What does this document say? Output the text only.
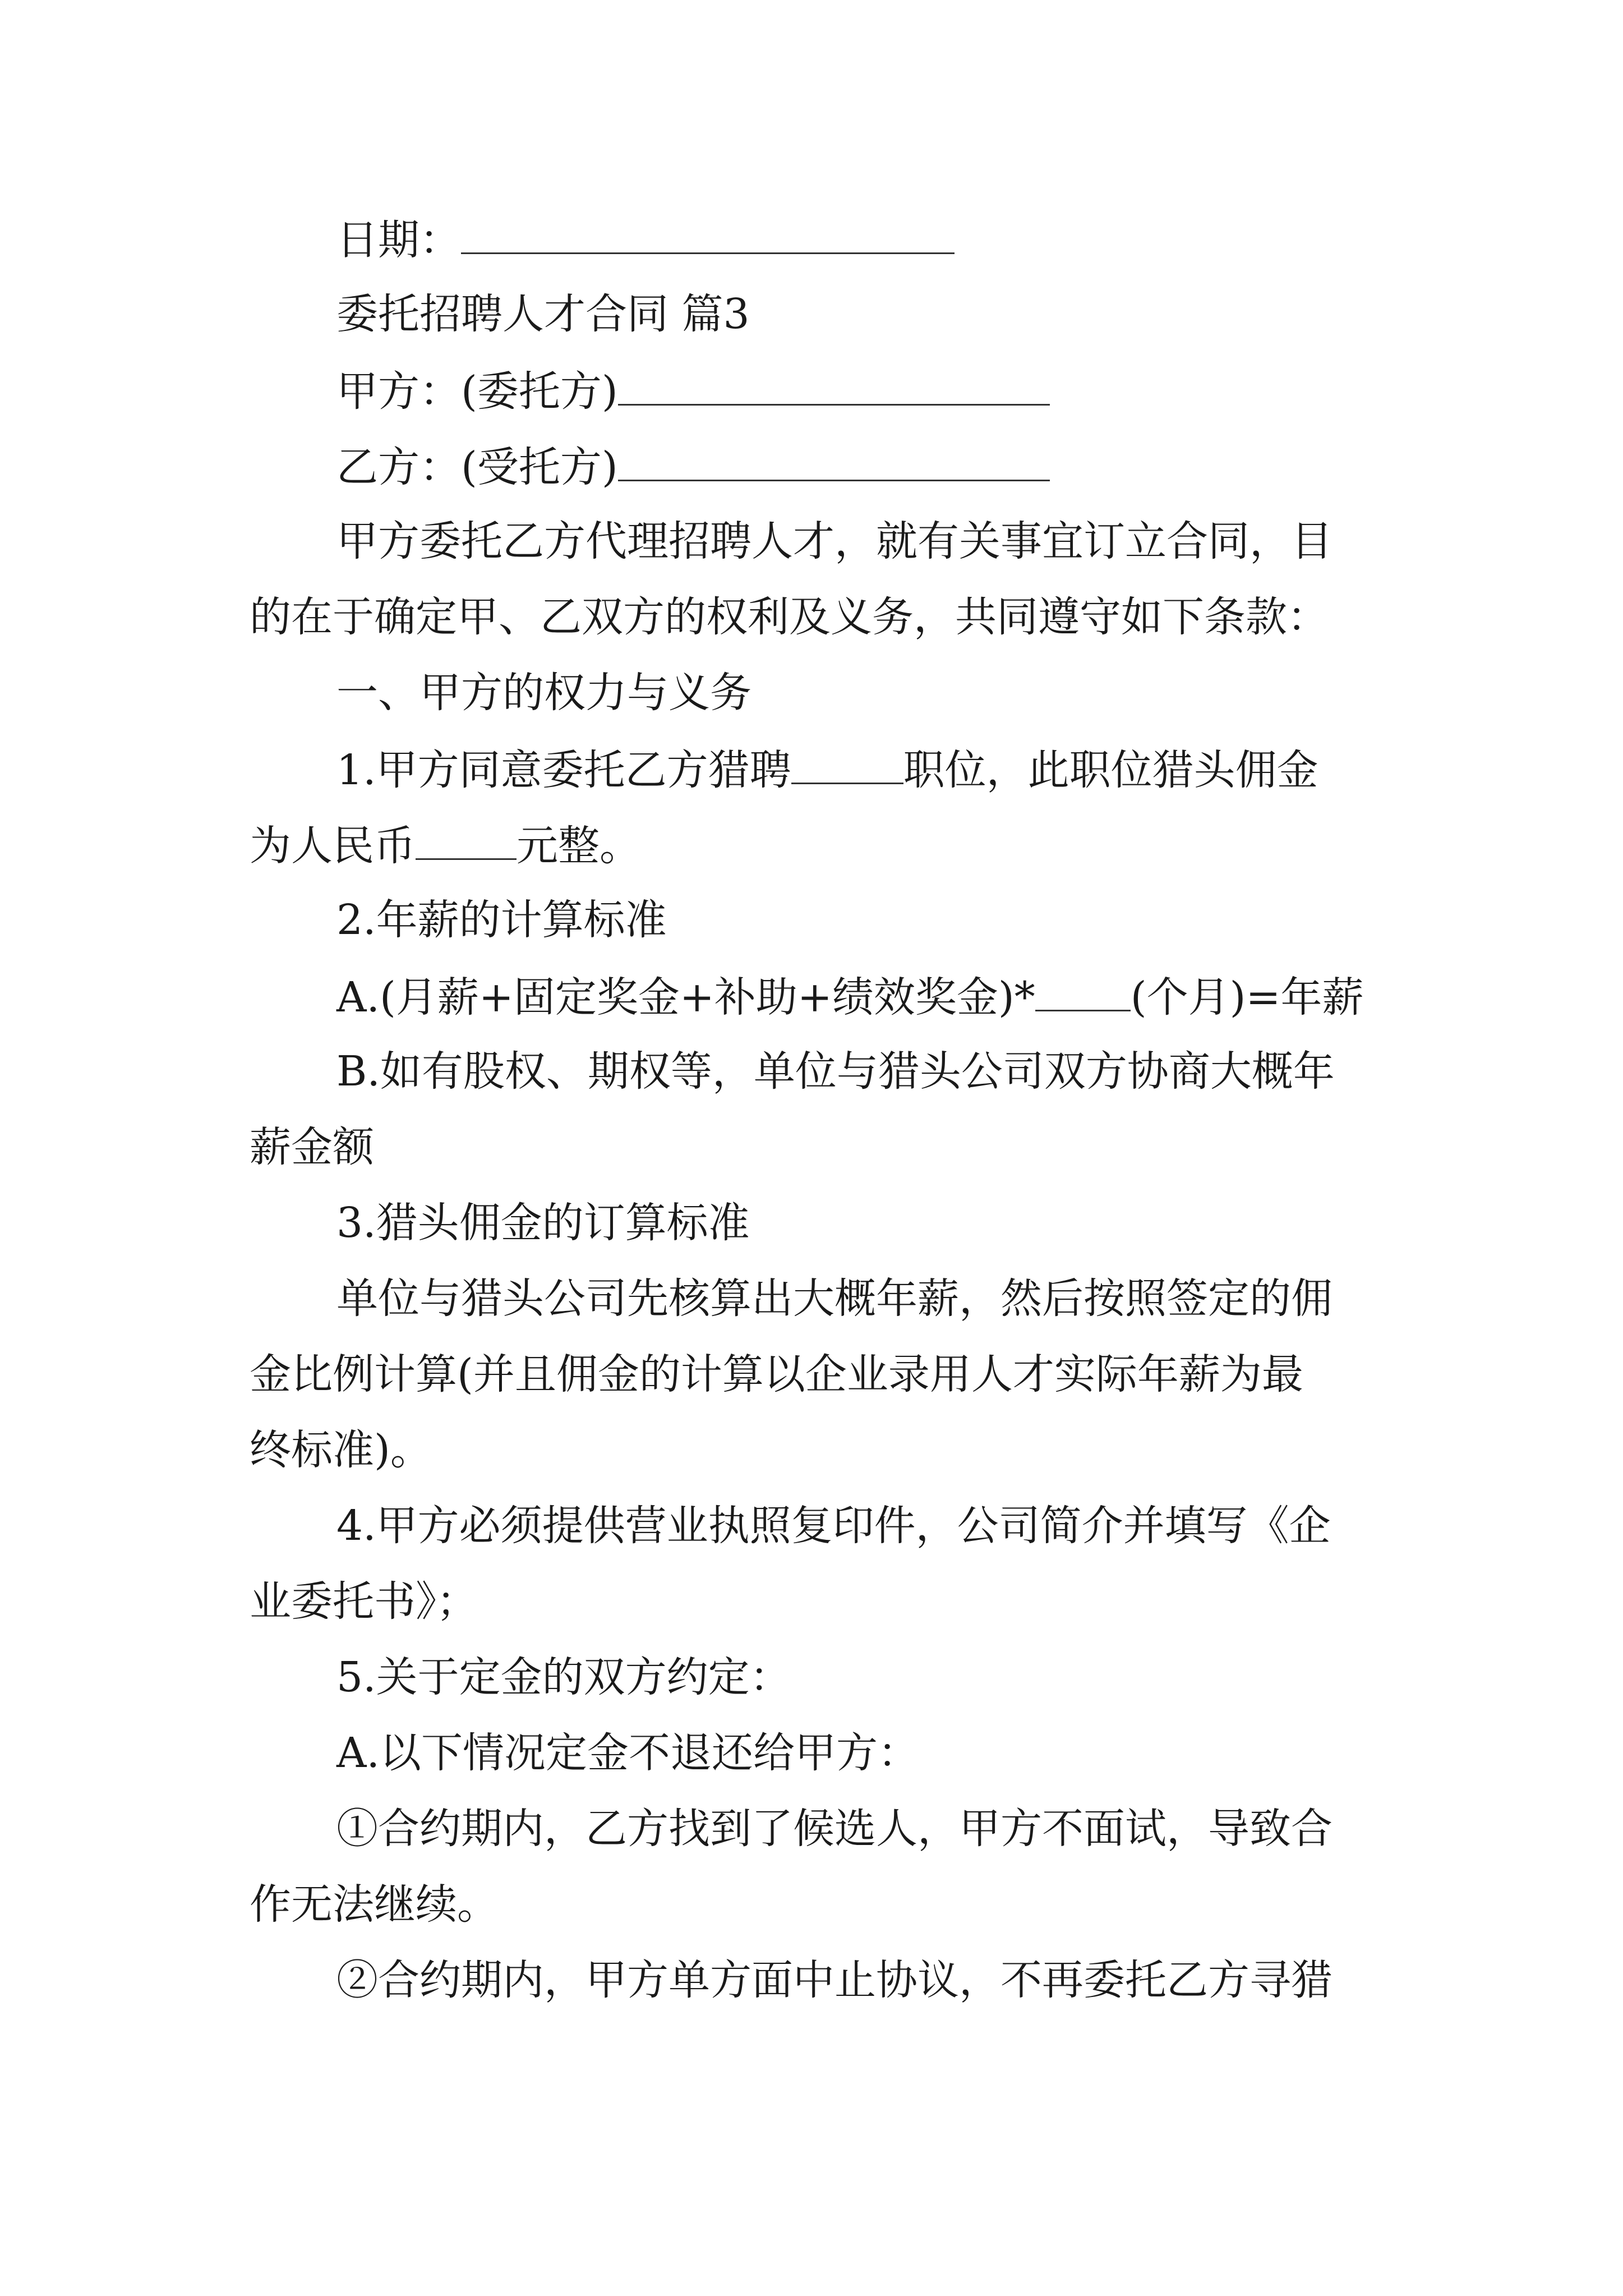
日期：
委托招聘人才合同 篇3
甲方：(委托方)
乙方：(受托方)
甲方委托乙方代理招聘人才，就有关事宜订立合同，目
的在于确定甲、乙双方的权利及义务，共同遵守如下条款：
一、甲方的权力与义务
1.甲方同意委托乙方猎聘	职位，此职位猎头佣金
为人民币 元整。
2.年薪的计算标准
A.(月薪+固定奖金+补助+绩效奖金)* (个月)=年薪
B.如有股权、期权等，单位与猎头公司双方协商大概年
薪金额
3.猎头佣金的订算标准
单位与猎头公司先核算出大概年薪，然后按照签定的佣
金比例计算(并且佣金的计算以企业录用人才实际年薪为最
终标准)。
4.甲方必须提供营业执照复印件，公司简介并填写《企
业委托书》；
5.关于定金的双方约定：
A.以下情况定金不退还给甲方：
①合约期内，乙方找到了候选人，甲方不面试，导致合
作无法继续。
②合约期内，甲方单方面中止协议，不再委托乙方寻猎
